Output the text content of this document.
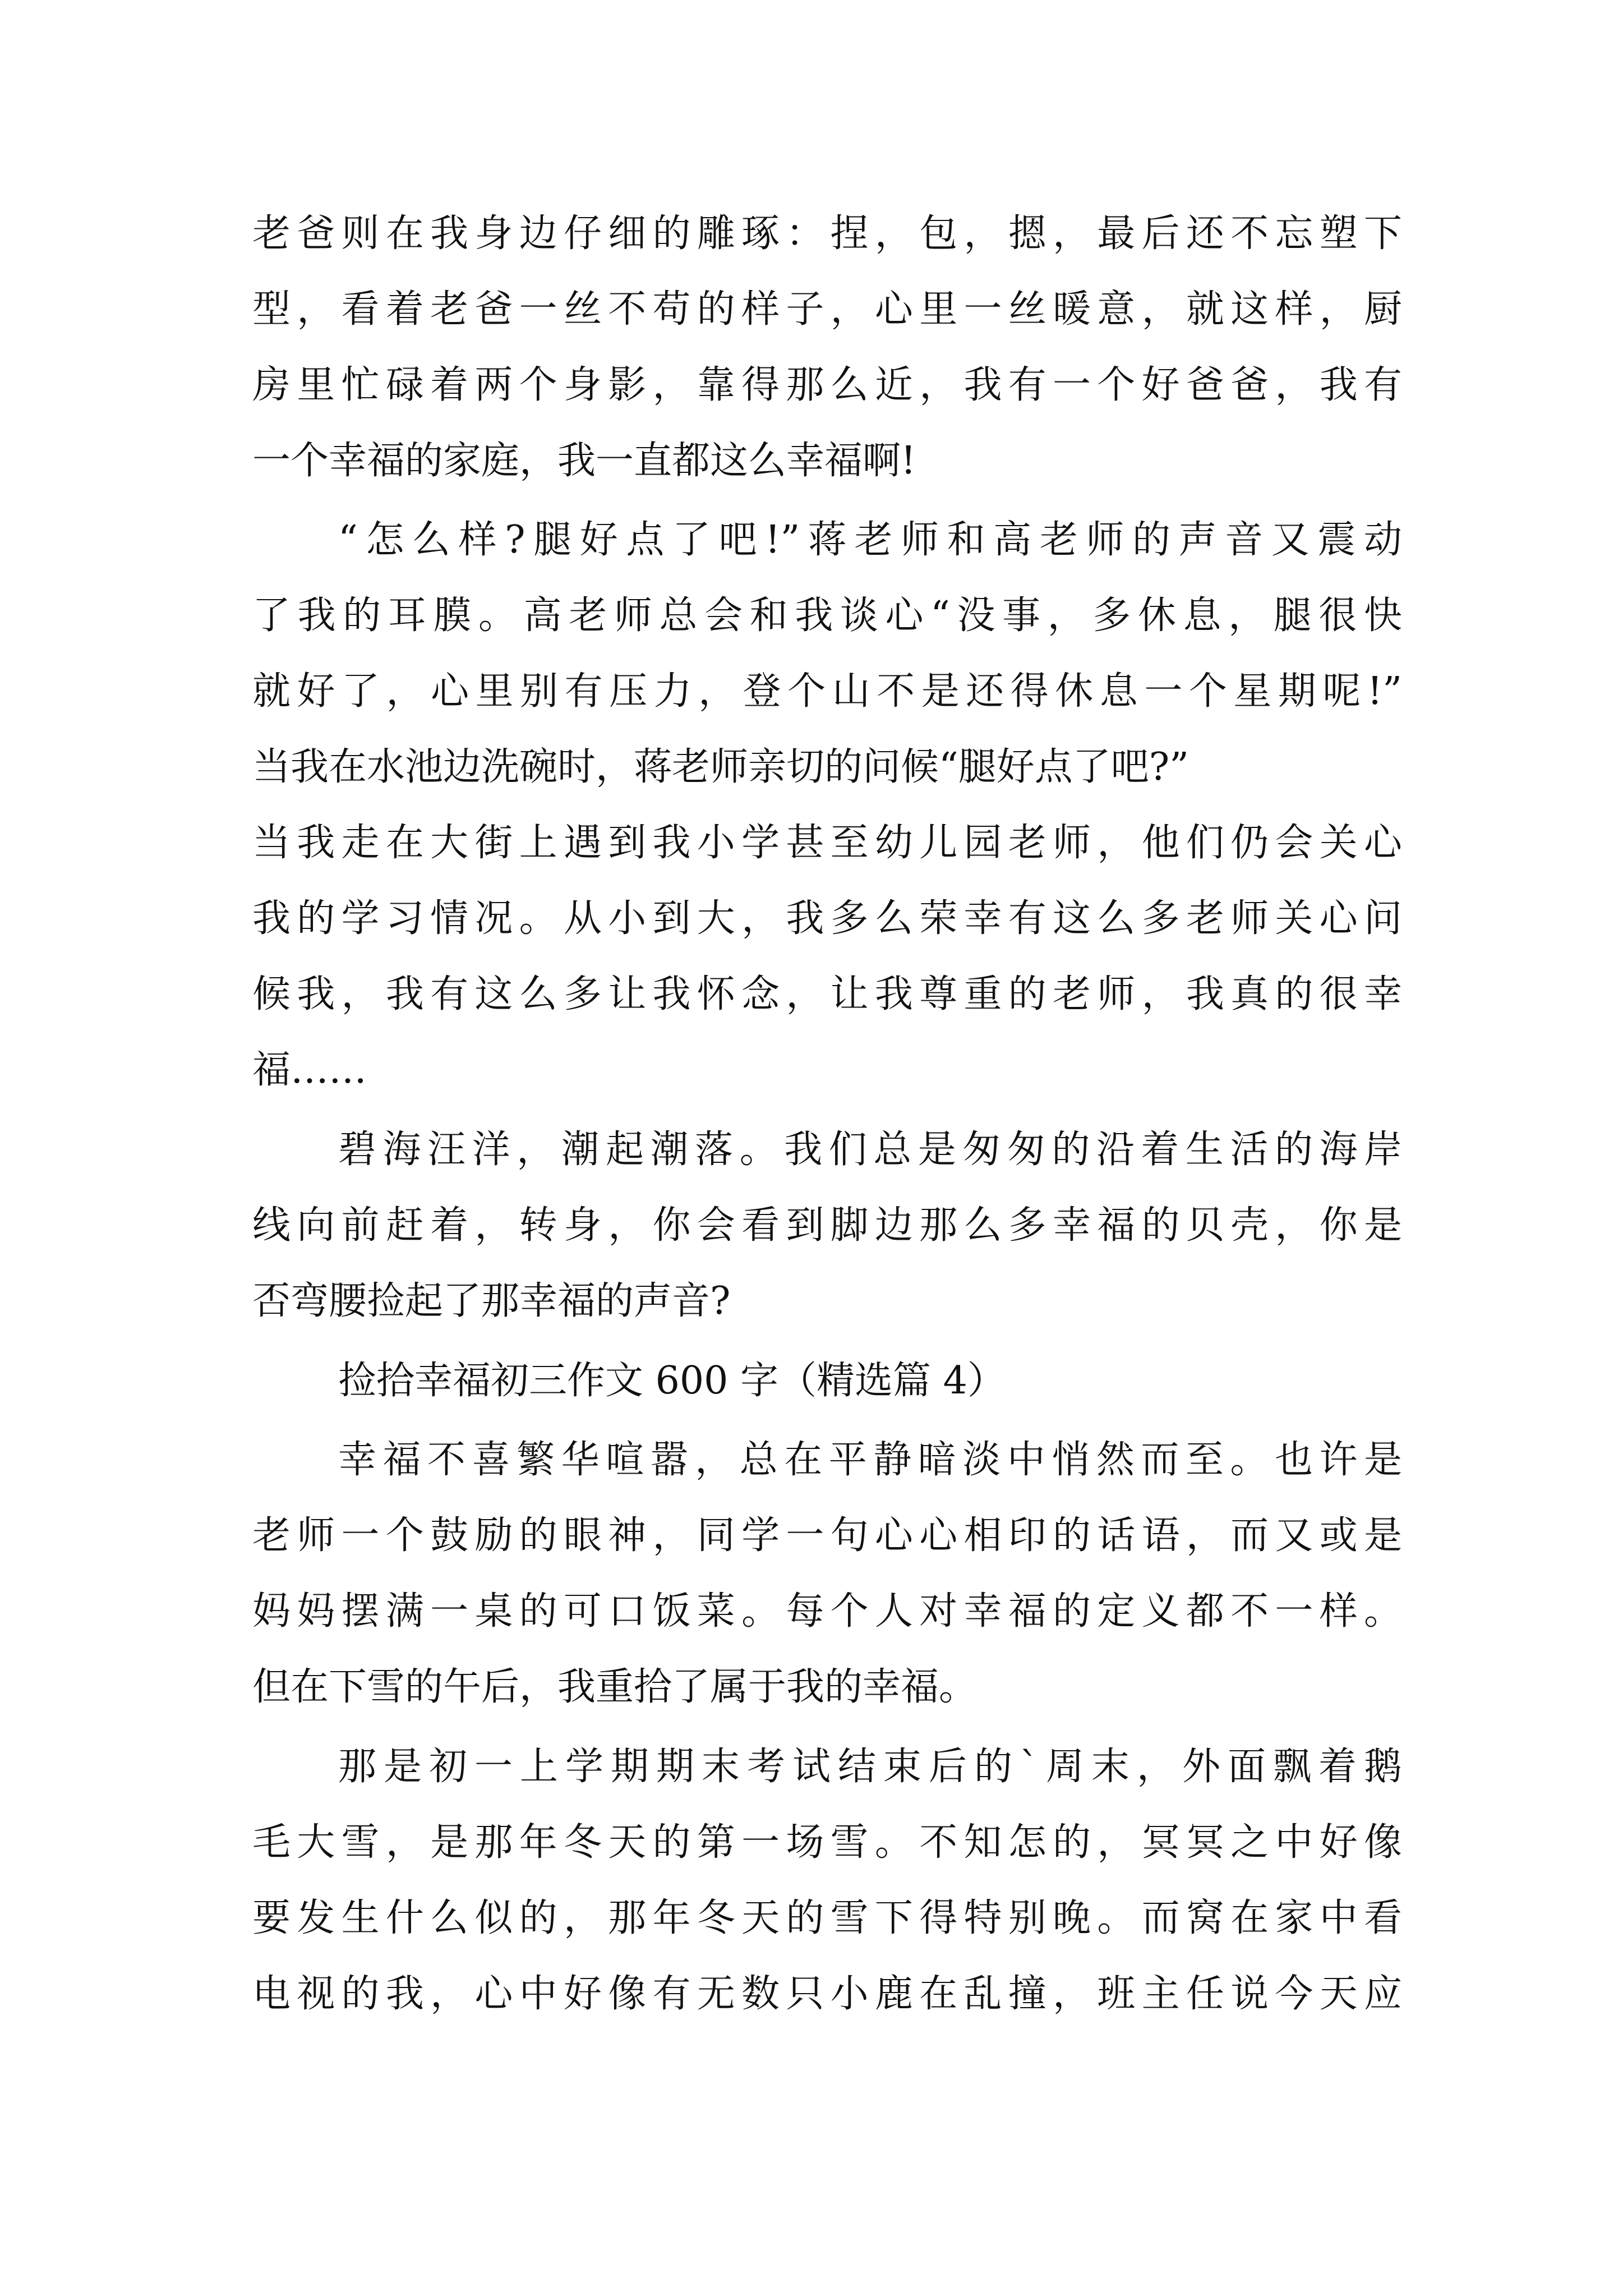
老爸则在我身边仔细的雕琢：捏，包，摁，最后还不忘塑下
型，看着老爸一丝不苟的样子，心里一丝暖意，就这样，厨
房里忙碌着两个身影，靠得那么近，我有一个好爸爸，我有
一个幸福的家庭，我一直都这么幸福啊!
“怎么样?腿好点了吧!”蒋老师和高老师的声音又震动
了我的耳膜。高老师总会和我谈心“没事，多休息，腿很快
就好了，心里别有压力，登个山不是还得休息一个星期呢!”
当我在水池边洗碗时，蒋老师亲切的问候“腿好点了吧?”
当我走在大街上遇到我小学甚至幼儿园老师，他们仍会关心
我的学习情况。从小到大，我多么荣幸有这么多老师关心问
候我，我有这么多让我怀念，让我尊重的老师，我真的很幸
福……
碧海汪洋，潮起潮落。我们总是匆匆的沿着生活的海岸
线向前赶着，转身，你会看到脚边那么多幸福的贝壳，你是
否弯腰捡起了那幸福的声音?
捡拾幸福初三作文 600 字（精选篇 4）
幸福不喜繁华喧嚣，总在平静暗淡中悄然而至。也许是
老师一个鼓励的眼神，同学一句心心相印的话语，而又或是
妈妈摆满一桌的可口饭菜。每个人对幸福的定义都不一样。
但在下雪的午后，我重拾了属于我的幸福。
那是初一上学期期末考试结束后的`周末，外面飘着鹅
毛大雪，是那年冬天的第一场雪。不知怎的，冥冥之中好像
要发生什么似的，那年冬天的雪下得特别晚。而窝在家中看
电视的我，心中好像有无数只小鹿在乱撞，班主任说今天应
